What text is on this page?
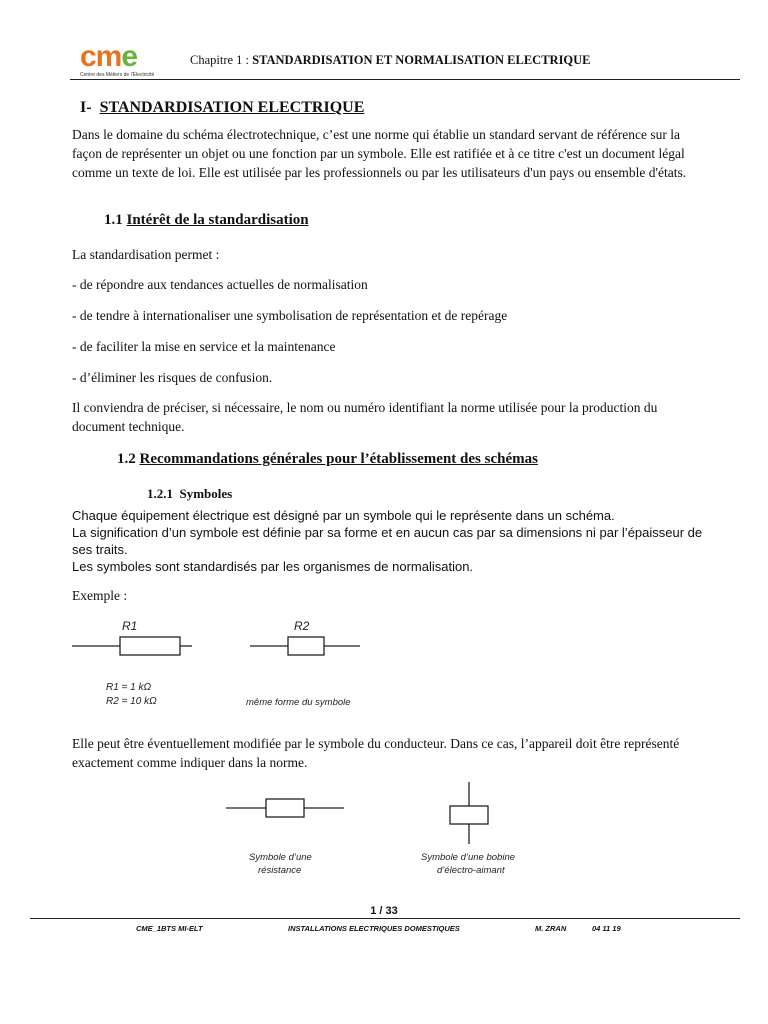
cme
Centre des Métiers de l'Électricité
Chapitre 1 : STANDARDISATION ET NORMALISATION ELECTRIQUE
I- STANDARDISATION ELECTRIQUE
Dans le domaine du schéma électrotechnique, c’est une norme qui établie un standard servant de référence sur la façon de représenter un objet ou une fonction par un symbole. Elle est ratifiée et à ce titre c'est un document légal comme un texte de loi. Elle est utilisée par les professionnels ou par les utilisateurs d'un pays ou ensemble d'états.
1.1 Intérêt de la standardisation
La standardisation permet :
- de répondre aux tendances actuelles de normalisation
- de tendre à internationaliser une symbolisation de représentation et de repérage
- de faciliter la mise en service et la maintenance
- d’éliminer les risques de confusion.
Il conviendra de préciser, si nécessaire, le nom ou numéro identifiant la norme utilisée pour la production du document technique.
1.2 Recommandations générales pour l’établissement des schémas
1.2.1 Symboles
Chaque équipement électrique est désigné par un symbole qui le représente dans un schéma.
La signification d’un symbole est définie par sa forme et en aucun cas par sa dimensions ni par l’épaisseur de ses traits.
Les symboles sont standardisés par les organismes de normalisation.
Exemple :
R1	R2
R1 = 1 kΩ
R2 = 10 kΩ	même forme du symbole
Elle peut être éventuellement modifiée par le symbole du conducteur. Dans ce cas, l’appareil doit être représenté exactement comme indiquer dans la norme.
Symbole d’une
résistance
Symbole d’une bobine
d’électro-aimant
1 / 33
CME_1BTS MI-ELT	INSTALLATIONS ELECTRIQUES DOMESTIQUES	M. ZRAN	04 11 19
